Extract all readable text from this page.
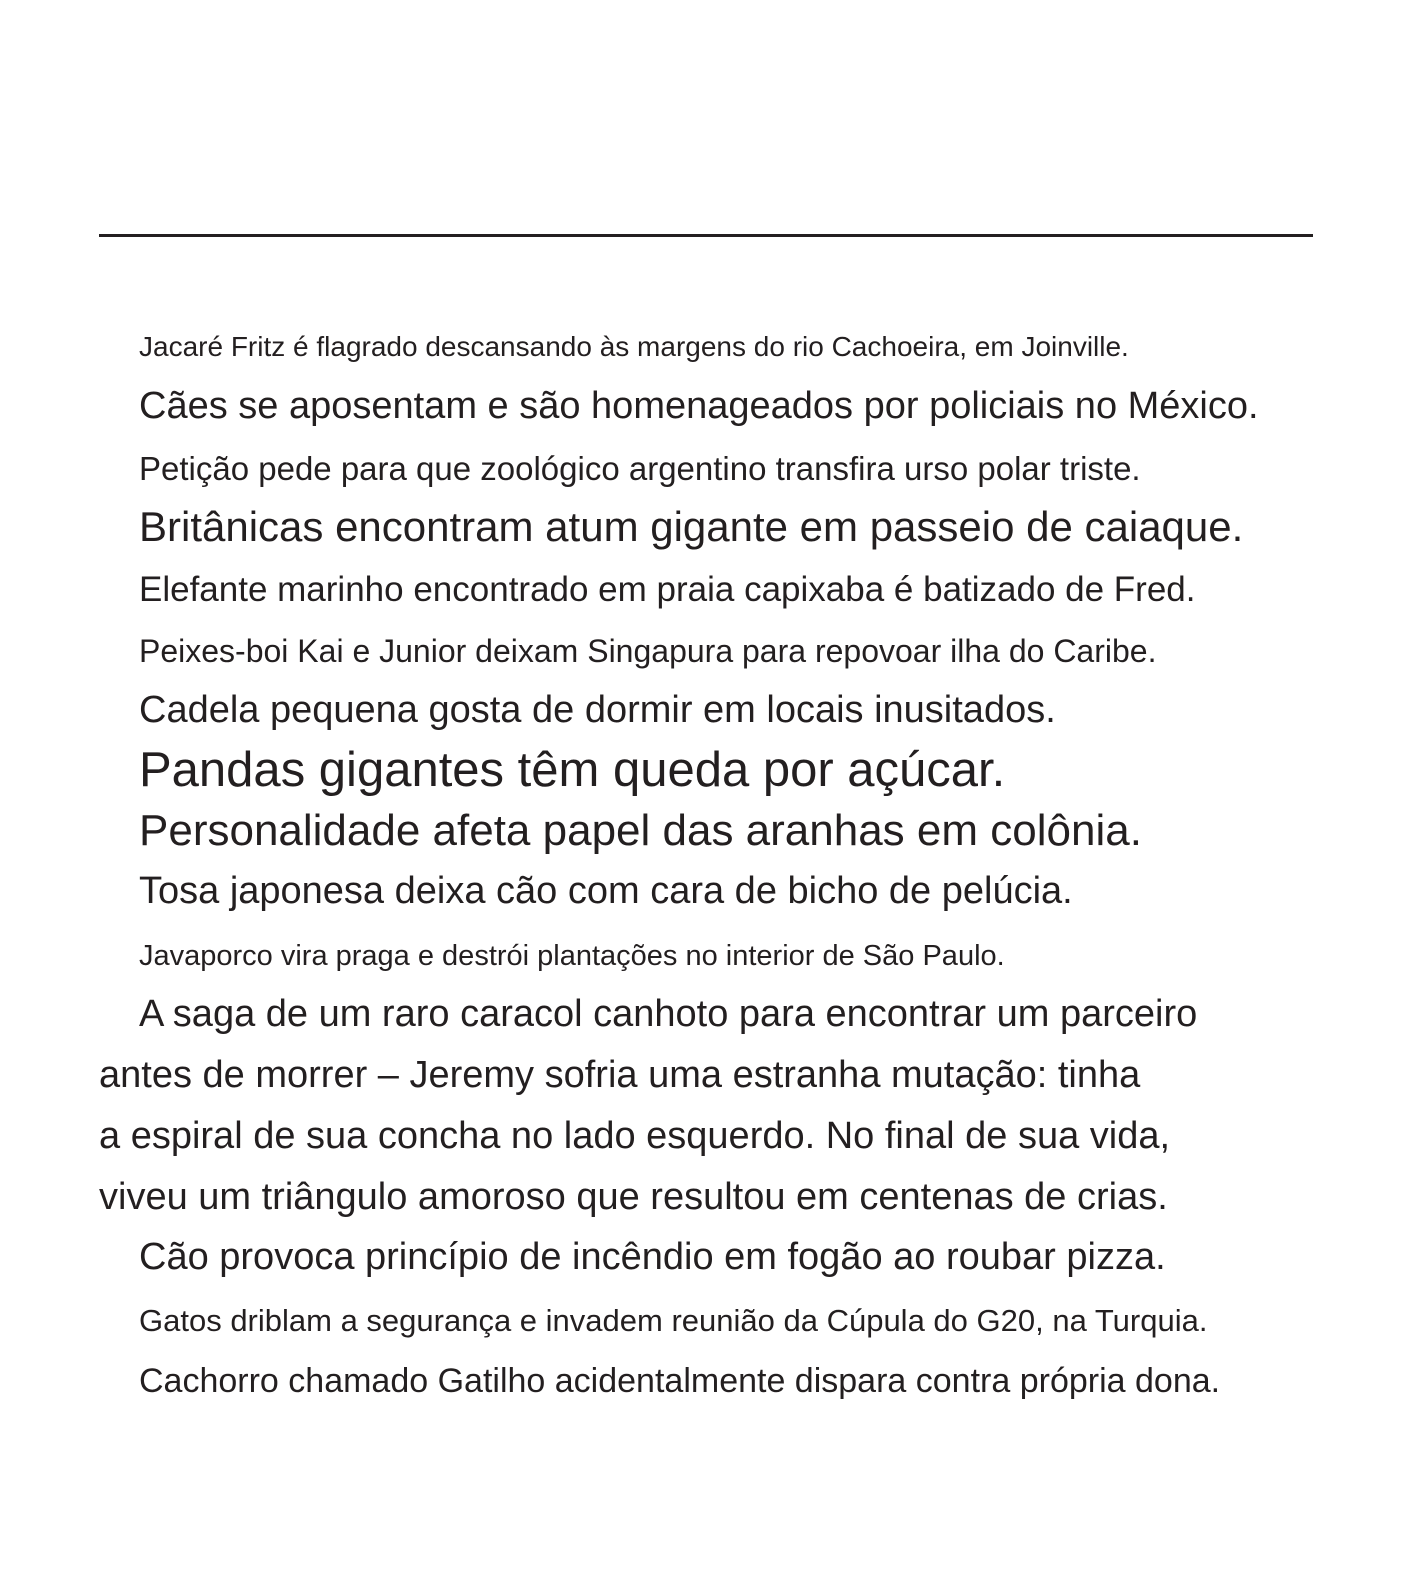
Jacaré Fritz é flagrado descansando às margens do rio Cachoeira, em Joinville.

Cães se aposentam e são homenageados por policiais no México.

Petição pede para que zoológico argentino transfira urso polar triste.

Britânicas encontram atum gigante em passeio de caiaque.

Elefante marinho encontrado em praia capixaba é batizado de Fred.

Peixes-boi Kai e Junior deixam Singapura para repovoar ilha do Caribe.

Cadela pequena gosta de dormir em locais inusitados.

Pandas gigantes têm queda por açúcar.

Personalidade afeta papel das aranhas em colônia.

Tosa japonesa deixa cão com cara de bicho de pelúcia.

Javaporco vira praga e destrói plantações no interior de São Paulo.

A saga de um raro caracol canhoto para encontrar um parceiro
antes de morrer – Jeremy sofria uma estranha mutação: tinha
a espiral de sua concha no lado esquerdo. No final de sua vida,
viveu um triângulo amoroso que resultou em centenas de crias.

Cão provoca princípio de incêndio em fogão ao roubar pizza.

Gatos driblam a segurança e invadem reunião da Cúpula do G20, na Turquia.

Cachorro chamado Gatilho acidentalmente dispara contra própria dona.
